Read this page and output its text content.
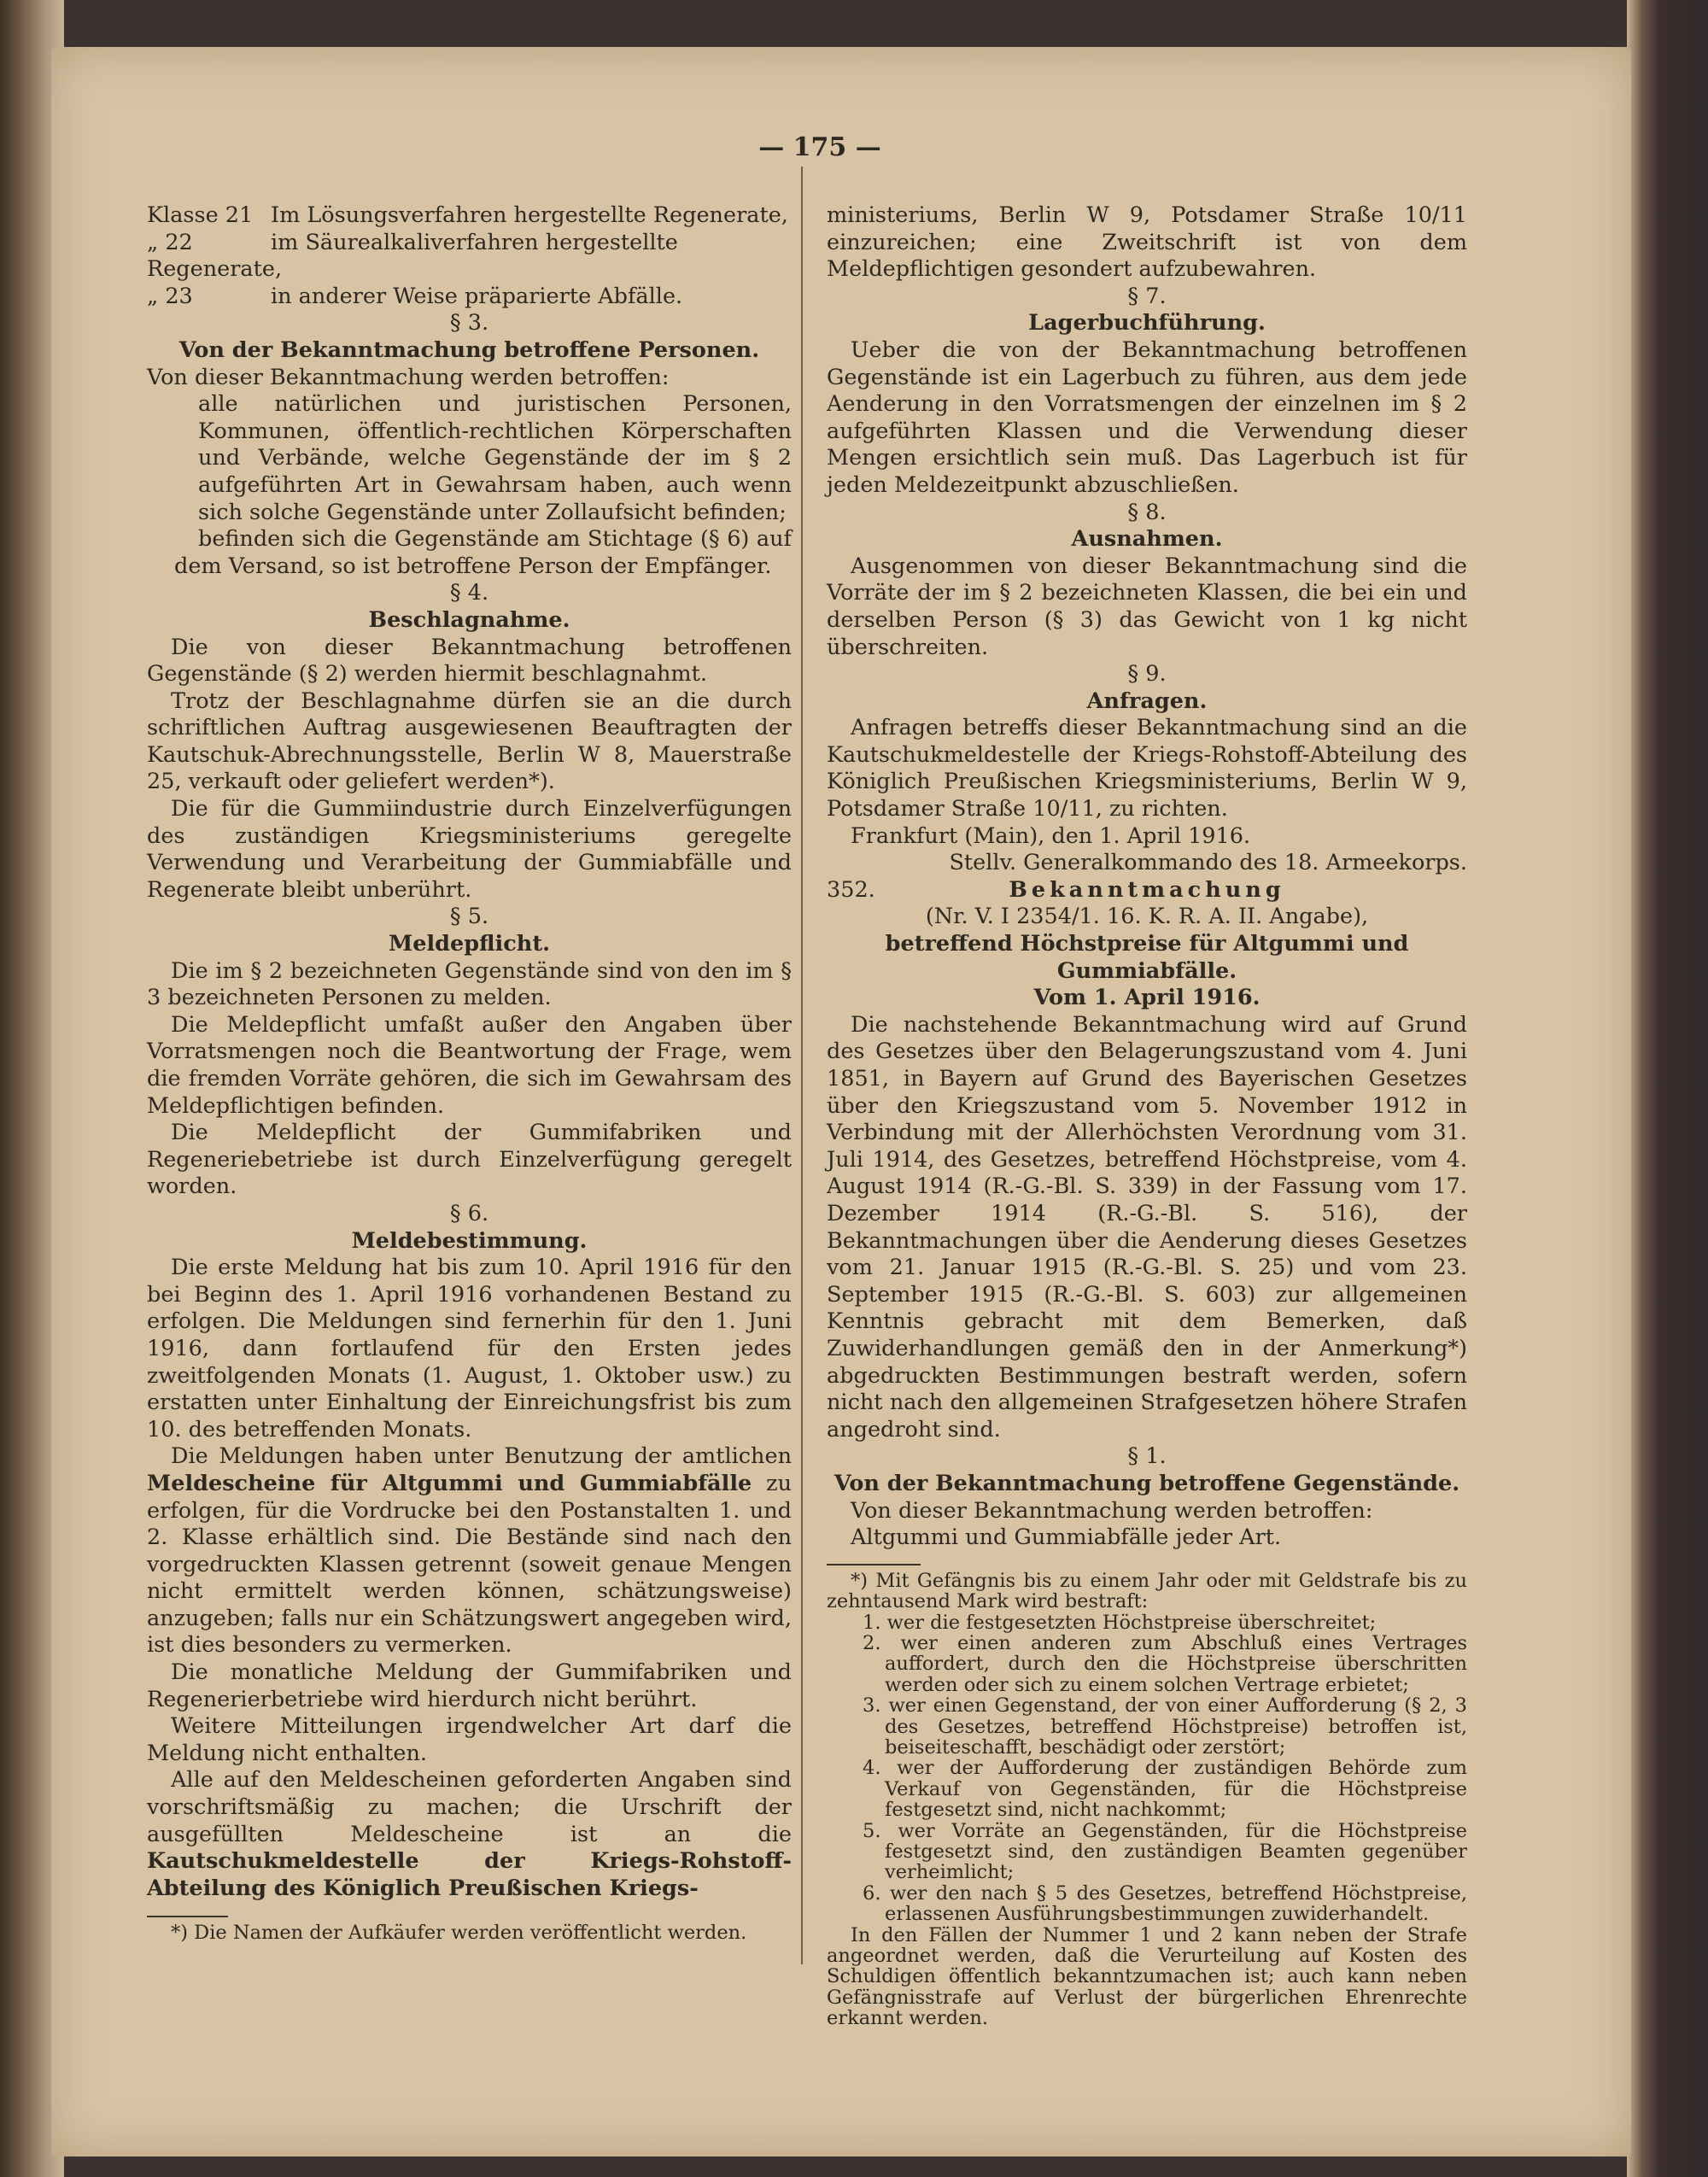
— 175 —
Klasse 21 Im Lösungsverfahren hergestellte Regenerate,
„ 22	im Säurealkaliverfahren hergestellte Regenerate,
„ 23	in anderer Weise präparierte Abfälle.

§ 3.

Von der Bekanntmachung betroffene Personen.

Von dieser Bekanntmachung werden betroffen:

alle natürlichen und juristischen Personen, Kommunen, öffentlich-rechtlichen Körperschaften und Verbände, welche Gegenstände der im § 2 aufgeführten Art in Gewahrsam haben, auch wenn sich solche Gegenstände unter Zollaufsicht befinden;

befinden sich die Gegenstände am Stichtage (§ 6) auf dem Versand, so ist betroffene Person der Empfänger.

§ 4.

Beschlagnahme.

Die von dieser Bekanntmachung betroffenen Gegenstände (§ 2) werden hiermit beschlagnahmt.

Trotz der Beschlagnahme dürfen sie an die durch schriftlichen Auftrag ausgewiesenen Beauftragten der Kautschuk-Abrechnungsstelle, Berlin W 8, Mauerstraße 25, verkauft oder geliefert werden*).

Die für die Gummiindustrie durch Einzelverfügungen des zuständigen Kriegsministeriums geregelte Verwendung und Verarbeitung der Gummiabfälle und Regenerate bleibt unberührt.

§ 5.

Meldepflicht.

Die im § 2 bezeichneten Gegenstände sind von den im § 3 bezeichneten Personen zu melden.

Die Meldepflicht umfaßt außer den Angaben über Vorratsmengen noch die Beantwortung der Frage, wem die fremden Vorräte gehören, die sich im Gewahrsam des Meldepflichtigen befinden.

Die Meldepflicht der Gummifabriken und Regeneriebetriebe ist durch Einzelverfügung geregelt worden.

§ 6.

Meldebestimmung.

Die erste Meldung hat bis zum 10. April 1916 für den bei Beginn des 1. April 1916 vorhandenen Bestand zu erfolgen. Die Meldungen sind fernerhin für den 1. Juni 1916, dann fortlaufend für den Ersten jedes zweitfolgenden Monats (1. August, 1. Oktober usw.) zu erstatten unter Einhaltung der Einreichungsfrist bis zum 10. des betreffenden Monats.

Die Meldungen haben unter Benutzung der amtlichen Meldescheine für Altgummi und Gummiabfälle zu erfolgen, für die Vordrucke bei den Postanstalten 1. und 2. Klasse erhältlich sind. Die Bestände sind nach den vorgedruckten Klassen getrennt (soweit genaue Mengen nicht ermittelt werden können, schätzungsweise) anzugeben; falls nur ein Schätzungswert angegeben wird, ist dies besonders zu vermerken.

Die monatliche Meldung der Gummifabriken und Regenerierbetriebe wird hierdurch nicht berührt.

Weitere Mitteilungen irgendwelcher Art darf die Meldung nicht enthalten.

Alle auf den Meldescheinen geforderten Angaben sind vorschriftsmäßig zu machen; die Urschrift der ausgefüllten Meldescheine ist an die Kautschukmeldestelle der Kriegs-Rohstoff-Abteilung des Königlich Preußischen Kriegs-

*) Die Namen der Aufkäufer werden veröffentlicht werden.

ministeriums, Berlin W 9, Potsdamer Straße 10/11 einzureichen; eine Zweitschrift ist von dem Meldepflichtigen gesondert aufzubewahren.

§ 7.

Lagerbuchführung.

Ueber die von der Bekanntmachung betroffenen Gegenstände ist ein Lagerbuch zu führen, aus dem jede Aenderung in den Vorratsmengen der einzelnen im § 2 aufgeführten Klassen und die Verwendung dieser Mengen ersichtlich sein muß. Das Lagerbuch ist für jeden Meldezeitpunkt abzuschließen.

§ 8.

Ausnahmen.

Ausgenommen von dieser Bekanntmachung sind die Vorräte der im § 2 bezeichneten Klassen, die bei ein und derselben Person (§ 3) das Gewicht von 1 kg nicht überschreiten.

§ 9.

Anfragen.

Anfragen betreffs dieser Bekanntmachung sind an die Kautschukmeldestelle der Kriegs-Rohstoff-Abteilung des Königlich Preußischen Kriegsministeriums, Berlin W 9, Potsdamer Straße 10/11, zu richten.

Frankfurt (Main), den 1. April 1916.

Stellv. Generalkommando des 18. Armeekorps.

352.	Bekanntmachung

(Nr. V. I 2354/1. 16. K. R. A. II. Angabe),

betreffend Höchstpreise für Altgummi und Gummiabfälle.

Vom 1. April 1916.

Die nachstehende Bekanntmachung wird auf Grund des Gesetzes über den Belagerungszustand vom 4. Juni 1851, in Bayern auf Grund des Bayerischen Gesetzes über den Kriegszustand vom 5. November 1912 in Verbindung mit der Allerhöchsten Verordnung vom 31. Juli 1914, des Gesetzes, betreffend Höchstpreise, vom 4. August 1914 (R.-G.-Bl. S. 339) in der Fassung vom 17. Dezember 1914 (R.-G.-Bl. S. 516), der Bekanntmachungen über die Aenderung dieses Gesetzes vom 21. Januar 1915 (R.-G.-Bl. S. 25) und vom 23. September 1915 (R.-G.-Bl. S. 603) zur allgemeinen Kenntnis gebracht mit dem Bemerken, daß Zuwiderhandlungen gemäß den in der Anmerkung*) abgedruckten Bestimmungen bestraft werden, sofern nicht nach den allgemeinen Strafgesetzen höhere Strafen angedroht sind.

§ 1.

Von der Bekanntmachung betroffene Gegenstände.

Von dieser Bekanntmachung werden betroffen:

Altgummi und Gummiabfälle jeder Art.

*) Mit Gefängnis bis zu einem Jahr oder mit Geldstrafe bis zu zehntausend Mark wird bestraft:

1. wer die festgesetzten Höchstpreise überschreitet;

2. wer einen anderen zum Abschluß eines Vertrages auffordert, durch den die Höchstpreise überschritten werden oder sich zu einem solchen Vertrage erbietet;

3. wer einen Gegenstand, der von einer Aufforderung (§ 2, 3 des Gesetzes, betreffend Höchstpreise) betroffen ist, beiseiteschafft, beschädigt oder zerstört;

4. wer der Aufforderung der zuständigen Behörde zum Verkauf von Gegenständen, für die Höchstpreise festgesetzt sind, nicht nachkommt;

5. wer Vorräte an Gegenständen, für die Höchstpreise festgesetzt sind, den zuständigen Beamten gegenüber verheimlicht;

6. wer den nach § 5 des Gesetzes, betreffend Höchstpreise, erlassenen Ausführungsbestimmungen zuwiderhandelt.

In den Fällen der Nummer 1 und 2 kann neben der Strafe angeordnet werden, daß die Verurteilung auf Kosten des Schuldigen öffentlich bekanntzumachen ist; auch kann neben Gefängnisstrafe auf Verlust der bürgerlichen Ehrenrechte erkannt werden.
